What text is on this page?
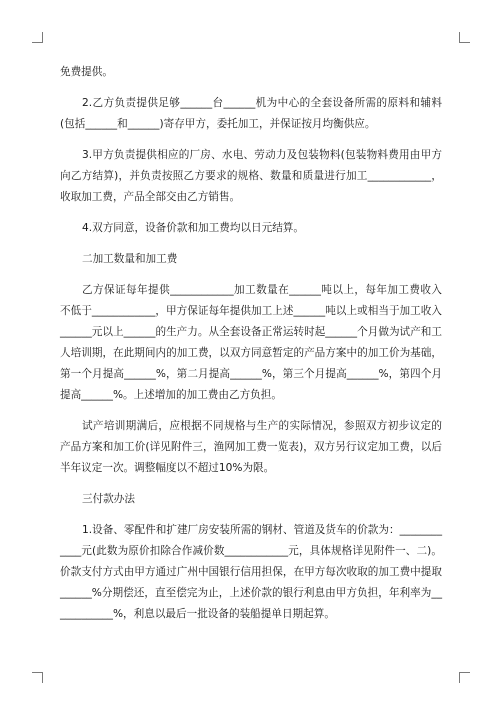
免费提供。

2.乙方负责提供足够______台______机为中心的全套设备所需的原料和辅料(包括______和______)寄存甲方，委托加工，并保证按月均衡供应。

3.甲方负责提供相应的厂房、水电、劳动力及包装物料(包装物料费用由甲方向乙方结算)，并负责按照乙方要求的规格、数量和质量进行加工____________，收取加工费，产品全部交由乙方销售。

4.双方同意，设备价款和加工费均以日元结算。

二加工数量和加工费

乙方保证每年提供____________加工数量在______吨以上，每年加工费收入不低于____________，甲方保证每年提供加工上述______吨以上或相当于加工收入______元以上______的生产力。从全套设备正常运转时起______个月做为试产和工人培训期，在此期间内的加工费，以双方同意暂定的产品方案中的加工价为基础，第一个月提高______%，第二月提高______%，第三个月提高______%，第四个月提高______%。上述增加的加工费由乙方负担。

试产培训期满后，应根据不同规格与生产的实际情况，参照双方初步议定的产品方案和加工价(详见附件三，渔网加工费一览表)，双方另行议定加工费，以后半年议定一次。调整幅度以不超过10%为限。

三付款办法

1.设备、零配件和扩建厂房安装所需的钢材、管道及货车的价款为：____________元(此数为原价扣除合作减价数____________元，具体规格详见附件一、二)。价款支付方式由甲方通过广州中国银行信用担保，在甲方每次收取的加工费中提取______%分期偿还，直至偿完为止，上述价款的银行利息由甲方负担，年利率为____________%，利息以最后一批设备的装船提单日期起算。
